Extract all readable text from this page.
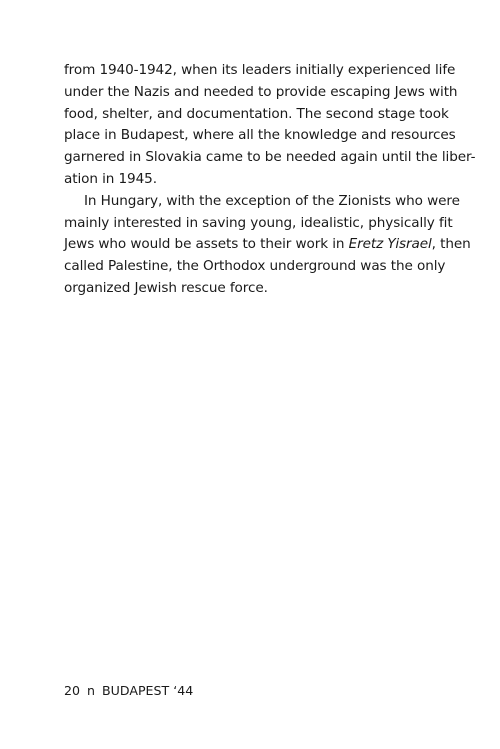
from 1940-1942, when its leaders initially experienced life
under the Nazis and needed to provide escaping Jews with
food, shelter, and documentation. The second stage took
place in Budapest, where all the knowledge and resources
garnered in Slovakia came to be needed again until the liber-
ation in 1945.
In Hungary, with the exception of the Zionists who were
mainly interested in saving young, idealistic, physically fit
Jews who would be assets to their work in Eretz Yisrael, then
called Palestine, the Orthodox underground was the only
organized Jewish rescue force.
20 n BUDAPEST ‘44
